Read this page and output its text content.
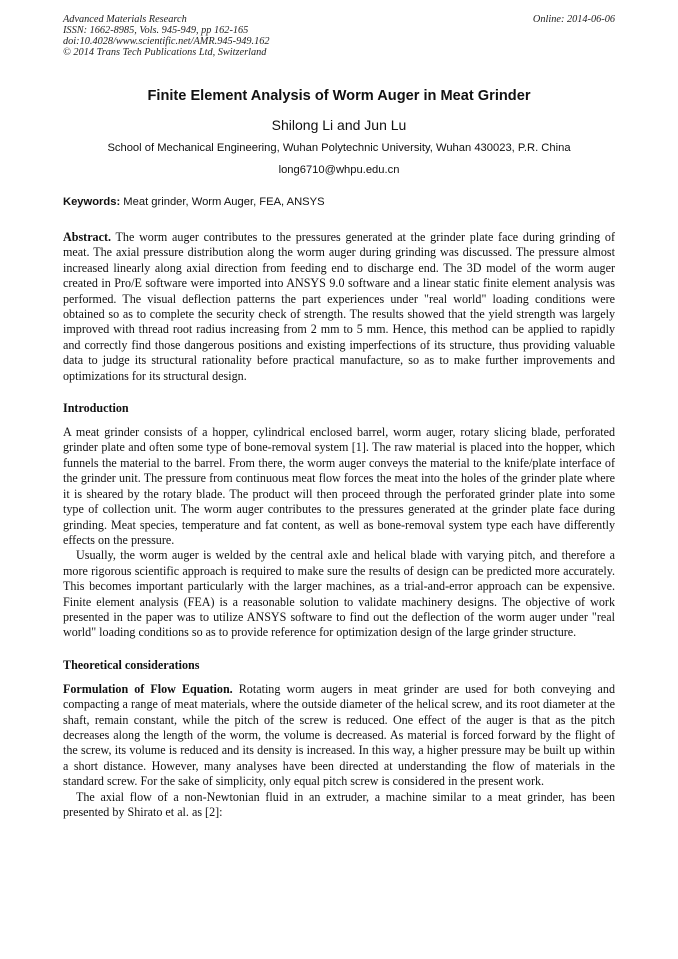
Advanced Materials Research
ISSN: 1662-8985, Vols. 945-949, pp 162-165
doi:10.4028/www.scientific.net/AMR.945-949.162
© 2014 Trans Tech Publications Ltd, Switzerland
Online: 2014-06-06
Finite Element Analysis of Worm Auger in Meat Grinder
Shilong Li and Jun Lu
School of Mechanical Engineering, Wuhan Polytechnic University, Wuhan 430023, P.R. China
long6710@whpu.edu.cn
Keywords: Meat grinder, Worm Auger, FEA, ANSYS

Abstract. The worm auger contributes to the pressures generated at the grinder plate face during grinding of meat. The axial pressure distribution along the worm auger during grinding was discussed. The pressure almost increased linearly along axial direction from feeding end to discharge end. The 3D model of the worm auger created in Pro/E software were imported into ANSYS 9.0 software and a linear static finite element analysis was performed. The visual deflection patterns the part experiences under "real world" loading conditions were obtained so as to complete the security check of strength. The results showed that the yield strength was largely improved with thread root radius increasing from 2 mm to 5 mm. Hence, this method can be applied to rapidly and correctly find those dangerous positions and existing imperfections of its structure, thus providing valuable data to judge its structural rationality before practical manufacture, so as to make further improvements and optimizations for its structural design.

Introduction

A meat grinder consists of a hopper, cylindrical enclosed barrel, worm auger, rotary slicing blade, perforated grinder plate and often some type of bone-removal system [1]. The raw material is placed into the hopper, which funnels the material to the barrel. From there, the worm auger conveys the material to the knife/plate interface of the grinder unit. The pressure from continuous meat flow forces the meat into the holes of the grinder plate where it is sheared by the rotary blade. The product will then proceed through the perforated grinder plate into some type of collection unit. The worm auger contributes to the pressures generated at the grinder plate face during grinding. Meat species, temperature and fat content, as well as bone-removal system type each have differently effects on the pressure.

Usually, the worm auger is welded by the central axle and helical blade with varying pitch, and therefore a more rigorous scientific approach is required to make sure the results of design can be predicted more accurately. This becomes important particularly with the larger machines, as a trial-and-error approach can be expensive. Finite element analysis (FEA) is a reasonable solution to validate machinery designs. The objective of work presented in the paper was to utilize ANSYS software to find out the deflection of the worm auger under "real world" loading conditions so as to provide reference for optimization design of the large grinder structure.

Theoretical considerations

Formulation of Flow Equation. Rotating worm augers in meat grinder are used for both conveying and compacting a range of meat materials, where the outside diameter of the helical screw, and its root diameter at the shaft, remain constant, while the pitch of the screw is reduced. One effect of the auger is that as the pitch decreases along the length of the worm, the volume is decreased. As material is forced forward by the flight of the screw, its volume is reduced and its density is increased. In this way, a higher pressure may be built up within a short distance. However, many analyses have been directed at understanding the flow of materials in the standard screw. For the sake of simplicity, only equal pitch screw is considered in the present work.

The axial flow of a non-Newtonian fluid in an extruder, a machine similar to a meat grinder, has been presented by Shirato et al. as [2]:
